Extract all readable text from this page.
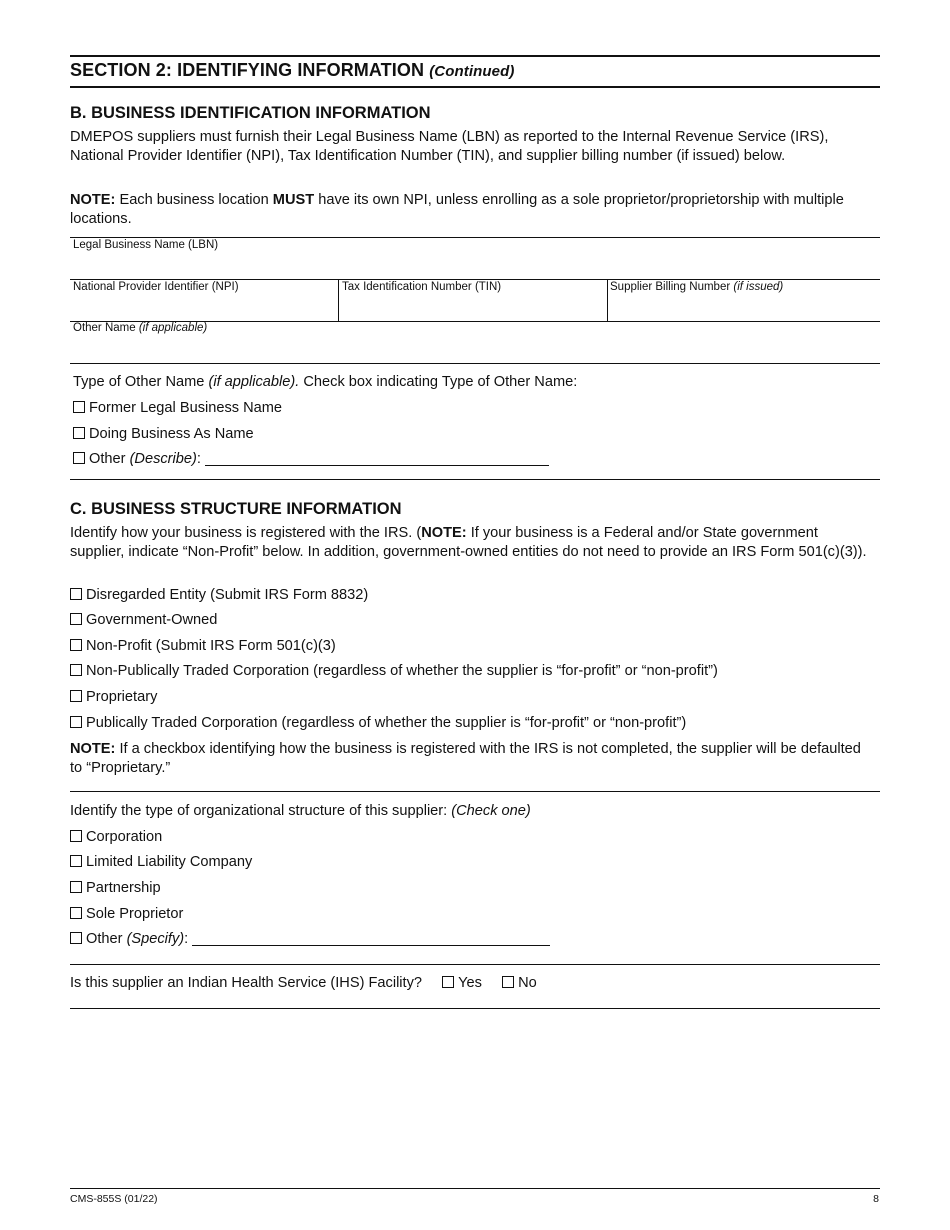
SECTION 2: IDENTIFYING INFORMATION (Continued)
B. BUSINESS IDENTIFICATION INFORMATION
DMEPOS suppliers must furnish their Legal Business Name (LBN) as reported to the Internal Revenue Service (IRS), National Provider Identifier (NPI), Tax Identification Number (TIN), and supplier billing number (if issued) below.
NOTE: Each business location MUST have its own NPI, unless enrolling as a sole proprietor/proprietorship with multiple locations.
Legal Business Name (LBN)
National Provider Identifier (NPI)	Tax Identification Number (TIN)	Supplier Billing Number (if issued)
Other Name (if applicable)
Type of Other Name (if applicable). Check box indicating Type of Other Name:
Former Legal Business Name
Doing Business As Name
Other (Describe):
C. BUSINESS STRUCTURE INFORMATION
Identify how your business is registered with the IRS. (NOTE: If your business is a Federal and/or State government supplier, indicate “Non-Profit” below. In addition, government-owned entities do not need to provide an IRS Form 501(c)(3)).
Disregarded Entity (Submit IRS Form 8832)
Government-Owned
Non-Profit (Submit IRS Form 501(c)(3)
Non-Publically Traded Corporation (regardless of whether the supplier is “for-profit” or “non-profit”)
Proprietary
Publically Traded Corporation (regardless of whether the supplier is “for-profit” or “non-profit”)
NOTE: If a checkbox identifying how the business is registered with the IRS is not completed, the supplier will be defaulted to “Proprietary.”
Identify the type of organizational structure of this supplier: (Check one)
Corporation
Limited Liability Company
Partnership
Sole Proprietor
Other (Specify):
Is this supplier an Indian Health Service (IHS) Facility? Yes No
CMS-855S (01/22)	8
